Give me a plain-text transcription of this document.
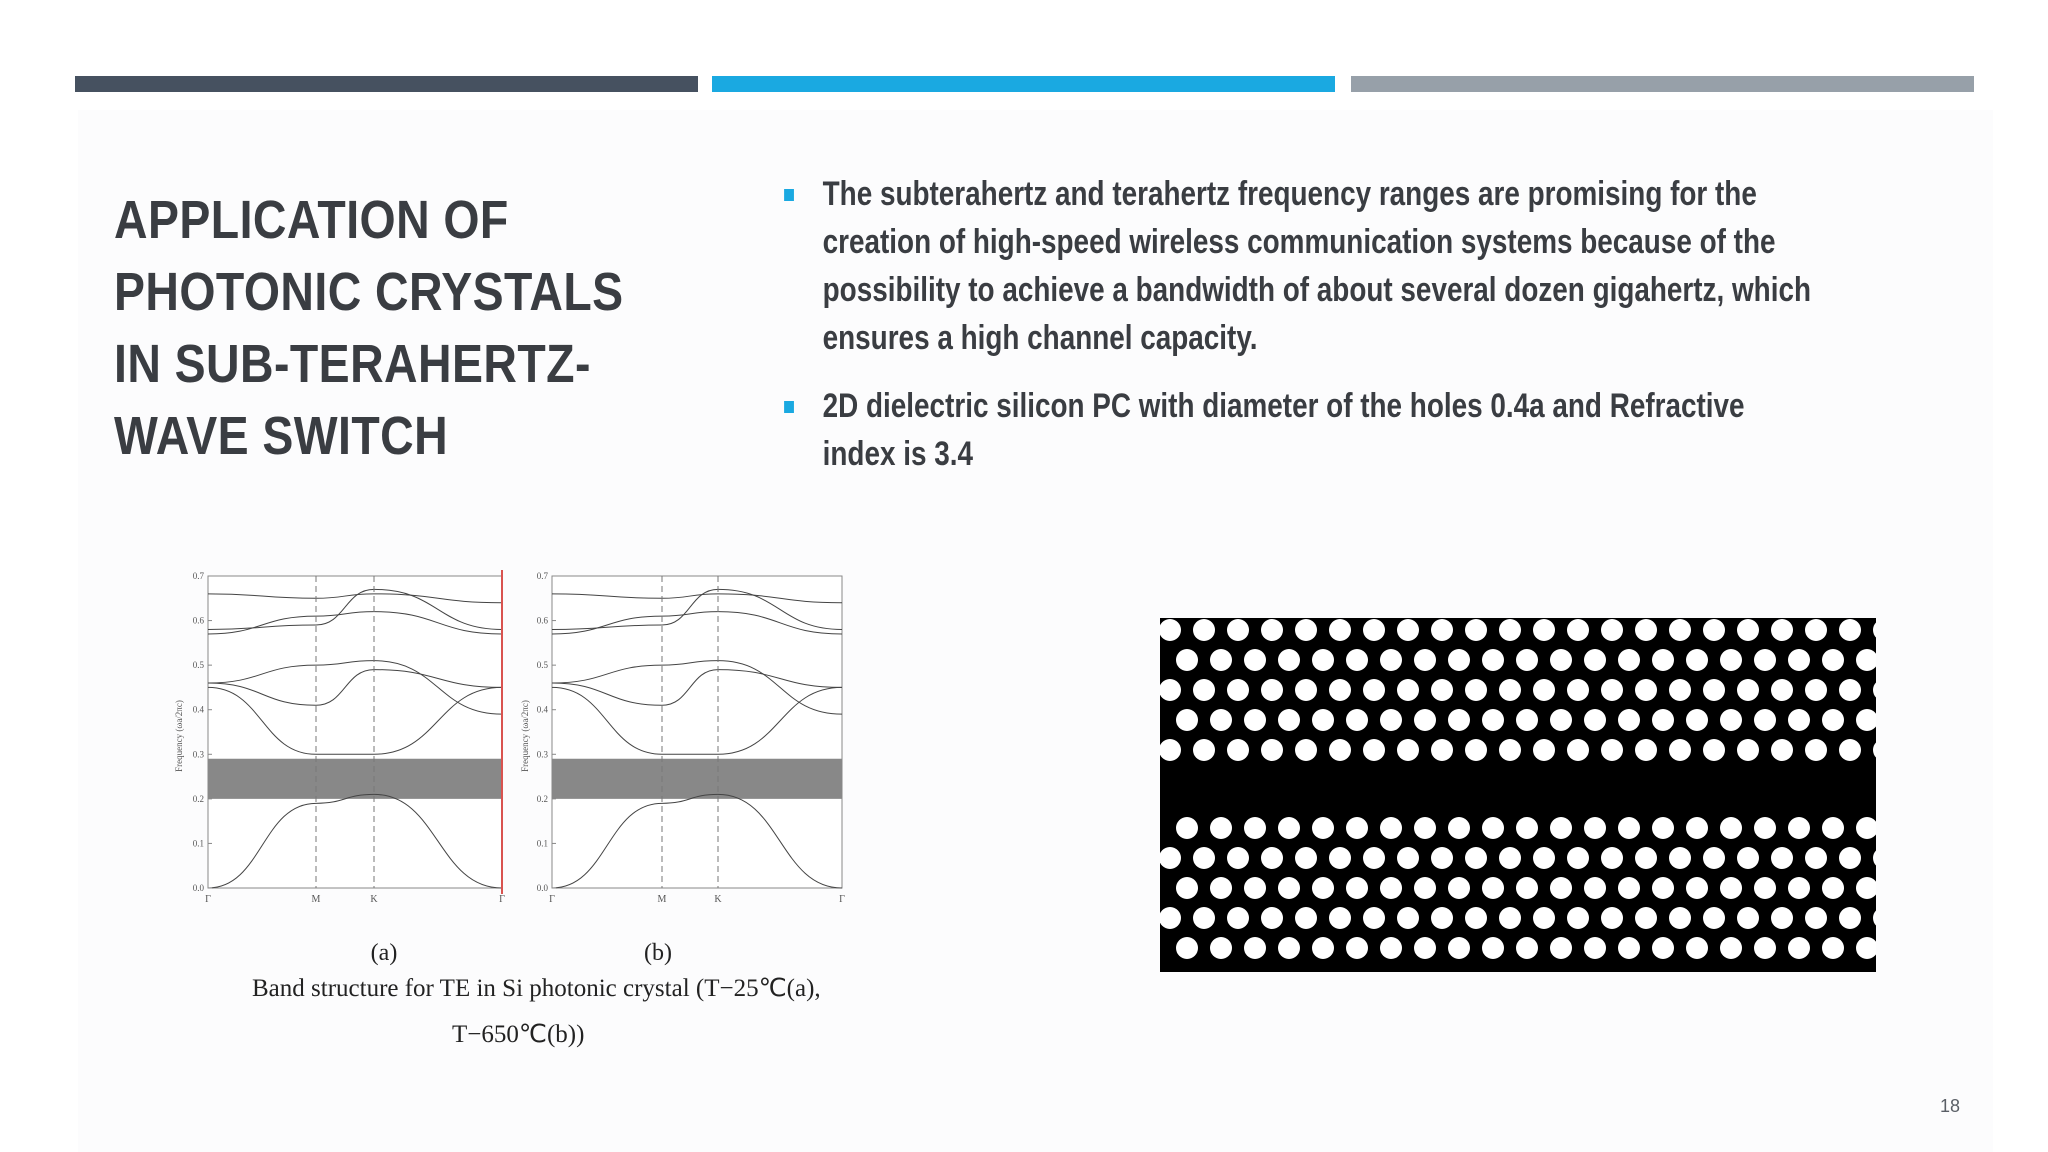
APPLICATION OF
PHOTONIC CRYSTALS
IN SUB-TERAHERTZ-
WAVE SWITCH
The subterahertz and terahertz frequency ranges are promising for the creation of high-speed wireless communication systems because of the possibility to achieve a bandwidth of about several dozen gigahertz, which ensures a high channel capacity.
2D dielectric silicon PC with diameter of the holes 0.4a and Refractive index is 3.4
0.0
0.1
0.2
0.3
0.4
0.5
0.6
0.7
Γ	M	K	Γ
Frequency (ωa/2πc)
(a)
0.0
0.1
0.2
0.3
0.4
0.5
0.6
0.7
Γ	M	K	Γ
Frequency (ωa/2πc)
(b)
Band structure for TE in Si photonic crystal (T−25℃(a),
T−650℃(b))
18
